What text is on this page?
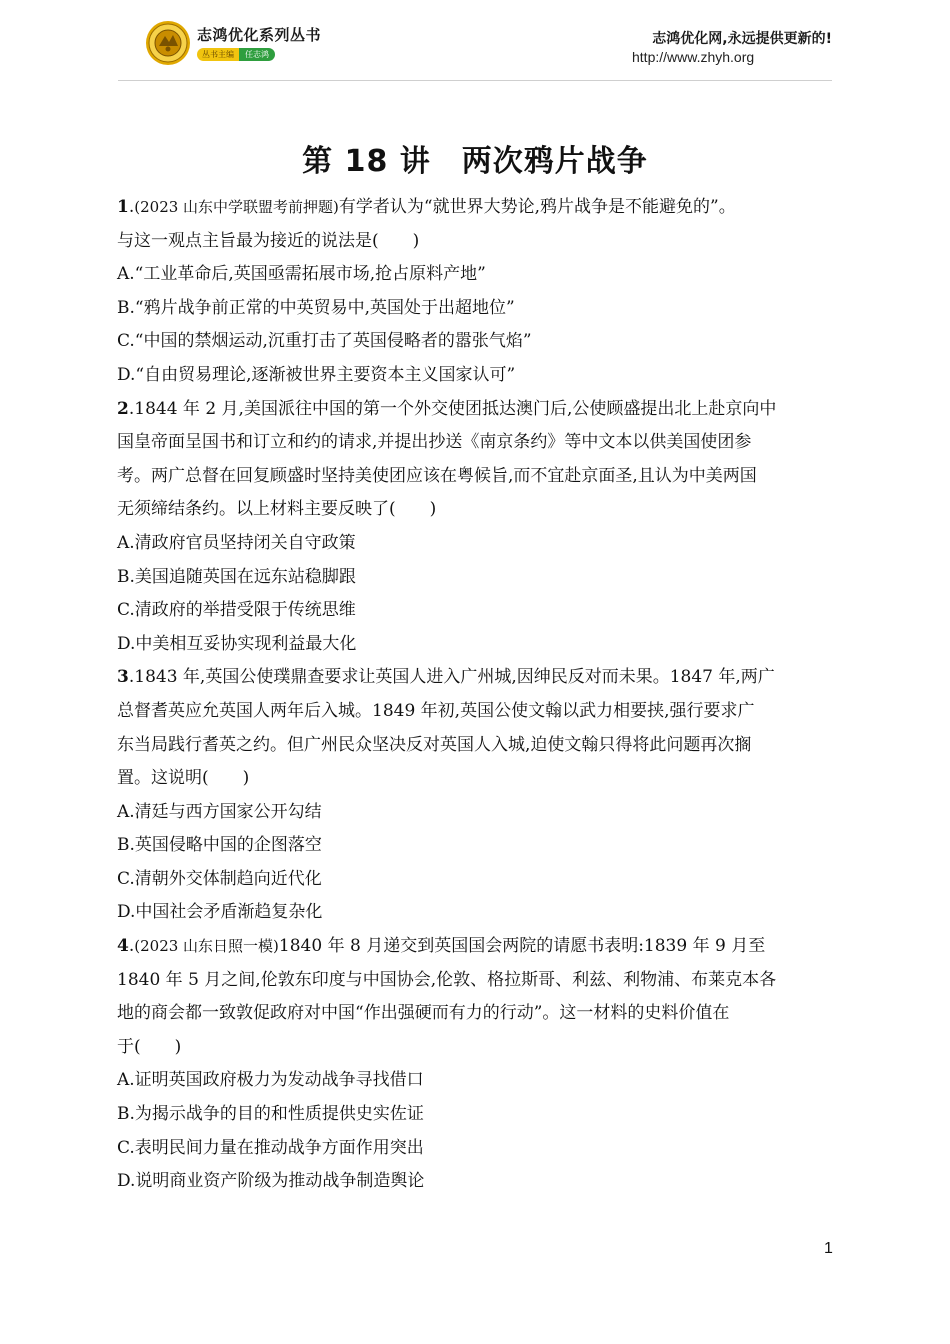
志鸿优化系列丛书
丛书主编	任志鸿
志鸿优化网,永远提供更新的!
http://www.zhyh.org
第 18 讲　两次鸦片战争
1.(2023 山东中学联盟考前押题)有学者认为“就世界大势论,鸦片战争是不能避免的”。
与这一观点主旨最为接近的说法是(　　)
A.“工业革命后,英国亟需拓展市场,抢占原料产地”
B.“鸦片战争前正常的中英贸易中,英国处于出超地位”
C.“中国的禁烟运动,沉重打击了英国侵略者的嚣张气焰”
D.“自由贸易理论,逐渐被世界主要资本主义国家认可”
2.1844 年 2 月,美国派往中国的第一个外交使团抵达澳门后,公使顾盛提出北上赴京向中
国皇帝面呈国书和订立和约的请求,并提出抄送《南京条约》等中文本以供美国使团参
考。两广总督在回复顾盛时坚持美使团应该在粤候旨,而不宜赴京面圣,且认为中美两国
无须缔结条约。以上材料主要反映了(　　)
A.清政府官员坚持闭关自守政策
B.美国追随英国在远东站稳脚跟
C.清政府的举措受限于传统思维
D.中美相互妥协实现利益最大化
3.1843 年,英国公使璞鼎查要求让英国人进入广州城,因绅民反对而未果。1847 年,两广
总督耆英应允英国人两年后入城。1849 年初,英国公使文翰以武力相要挟,强行要求广
东当局践行耆英之约。但广州民众坚决反对英国人入城,迫使文翰只得将此问题再次搁
置。这说明(　　)
A.清廷与西方国家公开勾结
B.英国侵略中国的企图落空
C.清朝外交体制趋向近代化
D.中国社会矛盾渐趋复杂化
4.(2023 山东日照一模)1840 年 8 月递交到英国国会两院的请愿书表明:1839 年 9 月至
1840 年 5 月之间,伦敦东印度与中国协会,伦敦、格拉斯哥、利兹、利物浦、布莱克本各
地的商会都一致敦促政府对中国“作出强硬而有力的行动”。这一材料的史料价值在
于(　　)
A.证明英国政府极力为发动战争寻找借口
B.为揭示战争的目的和性质提供史实佐证
C.表明民间力量在推动战争方面作用突出
D.说明商业资产阶级为推动战争制造舆论
1
